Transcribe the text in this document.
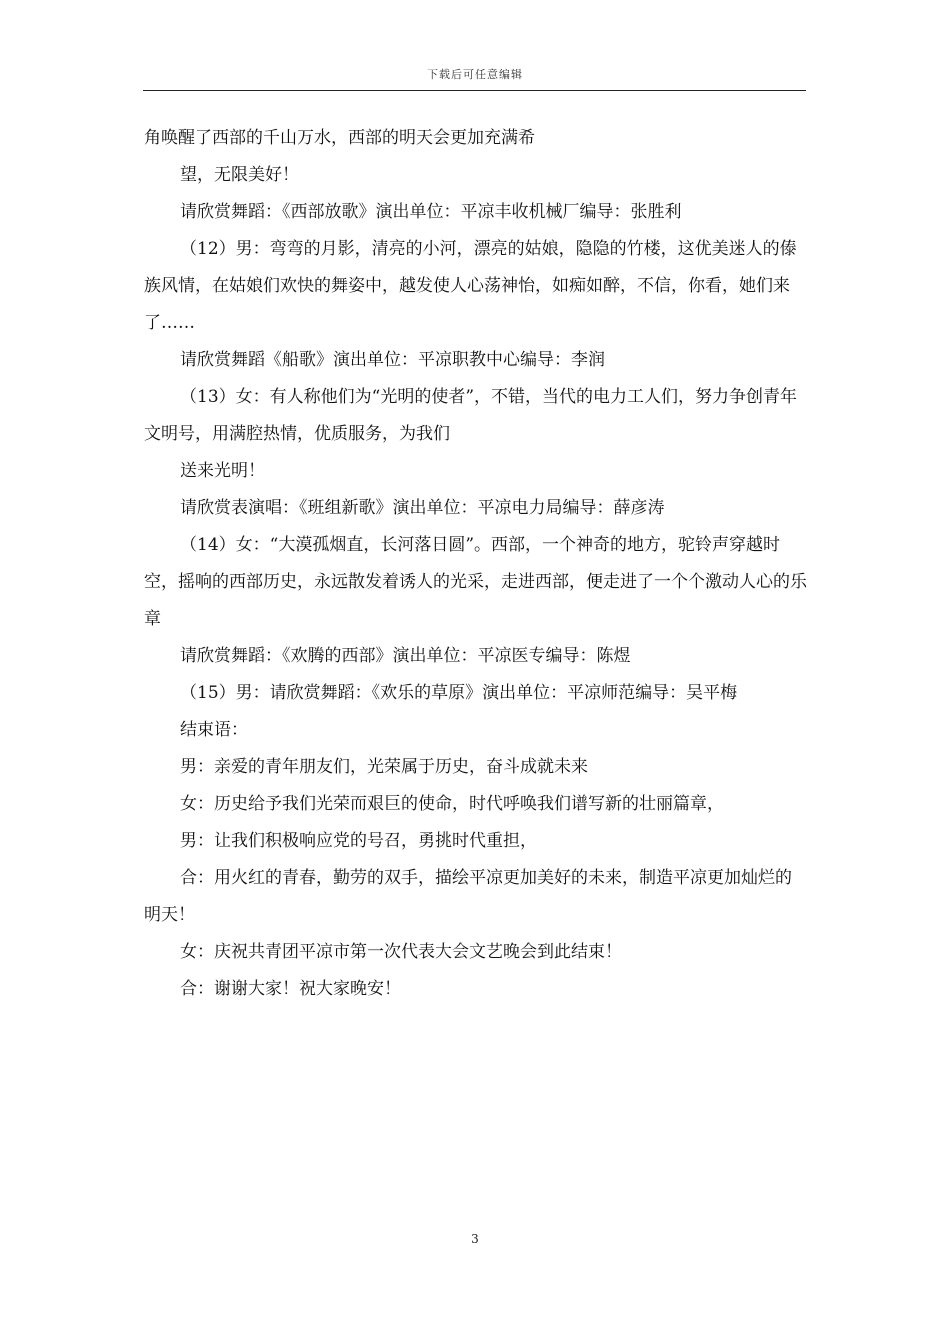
下载后可任意编辑

角唤醒了西部的千山万水，西部的明天会更加充满希

望，无限美好！

请欣赏舞蹈：《西部放歌》演出单位：平凉丰收机械厂编导：张胜利

（12）男：弯弯的月影，清亮的小河，漂亮的姑娘，隐隐的竹楼，这优美迷人的傣族风情，在姑娘们欢快的舞姿中，越发使人心荡神怡，如痴如醉，不信，你看，她们来了……

请欣赏舞蹈《船歌》演出单位：平凉职教中心编导：李润

（13）女：有人称他们为“光明的使者”，不错，当代的电力工人们，努力争创青年文明号，用满腔热情，优质服务，为我们

送来光明！

请欣赏表演唱：《班组新歌》演出单位：平凉电力局编导：薛彦涛

（14）女：“大漠孤烟直，长河落日圆”。西部，一个神奇的地方，驼铃声穿越时空，摇响的西部历史，永远散发着诱人的光采，走进西部，便走进了一个个激动人心的乐章

请欣赏舞蹈：《欢腾的西部》演出单位：平凉医专编导：陈煜

（15）男：请欣赏舞蹈：《欢乐的草原》演出单位：平凉师范编导：吴平梅

结束语：

男：亲爱的青年朋友们，光荣属于历史，奋斗成就未来

女：历史给予我们光荣而艰巨的使命，时代呼唤我们谱写新的壮丽篇章，

男：让我们积极响应党的号召，勇挑时代重担，

合：用火红的青春，勤劳的双手，描绘平凉更加美好的未来，制造平凉更加灿烂的明天！

女：庆祝共青团平凉市第一次代表大会文艺晚会到此结束！

合：谢谢大家！祝大家晚安！

3
